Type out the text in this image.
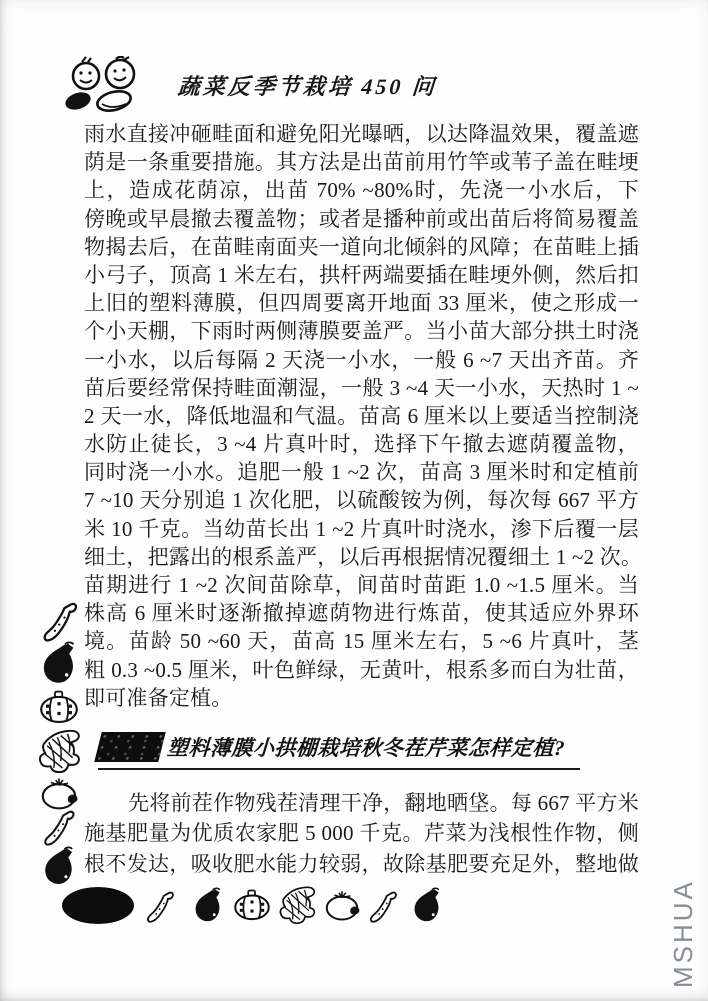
蔬菜反季节栽培 450 问
雨水直接冲砸畦面和避免阳光曝晒，以达降温效果，覆盖遮
荫是一条重要措施。其方法是出苗前用竹竿或苇子盖在畦埂
上，造成花荫凉，出苗 70% ~80%时，先浇一小水后，下
傍晚或早晨撤去覆盖物；或者是播种前或出苗后将简易覆盖
物揭去后，在苗畦南面夹一道向北倾斜的风障；在苗畦上插
小弓子，顶高 1 米左右，拱杆两端要插在畦埂外侧，然后扣
上旧的塑料薄膜，但四周要离开地面 33 厘米，使之形成一
个小天棚，下雨时两侧薄膜要盖严。当小苗大部分拱土时浇
一小水，以后每隔 2 天浇一小水，一般 6 ~7 天出齐苗。齐
苗后要经常保持畦面潮湿，一般 3 ~4 天一小水，天热时 1 ~
2 天一水，降低地温和气温。苗高 6 厘米以上要适当控制浇
水防止徒长，3 ~4 片真叶时，选择下午撤去遮荫覆盖物，
同时浇一小水。追肥一般 1 ~2 次，苗高 3 厘米时和定植前
7 ~10 天分别追 1 次化肥，以硫酸铵为例，每次每 667 平方
米 10 千克。当幼苗长出 1 ~2 片真叶时浇水，渗下后覆一层
细土，把露出的根系盖严，以后再根据情况覆细土 1 ~2 次。
苗期进行 1 ~2 次间苗除草，间苗时苗距 1.0 ~1.5 厘米。当
株高 6 厘米时逐渐撤掉遮荫物进行炼苗，使其适应外界环
境。苗龄 50 ~60 天，苗高 15 厘米左右，5 ~6 片真叶，茎
粗 0.3 ~0.5 厘米，叶色鲜绿，无黄叶，根系多而白为壮苗，
即可准备定植。
塑料薄膜小拱棚栽培秋冬茬芹菜怎样定植?
先将前茬作物残茬清理干净，翻地晒垡。每 667 平方米
施基肥量为优质农家肥 5 000 千克。芹菜为浅根性作物，侧
根不发达，吸收肥水能力较弱，故除基肥要充足外，整地做
MSHUA
